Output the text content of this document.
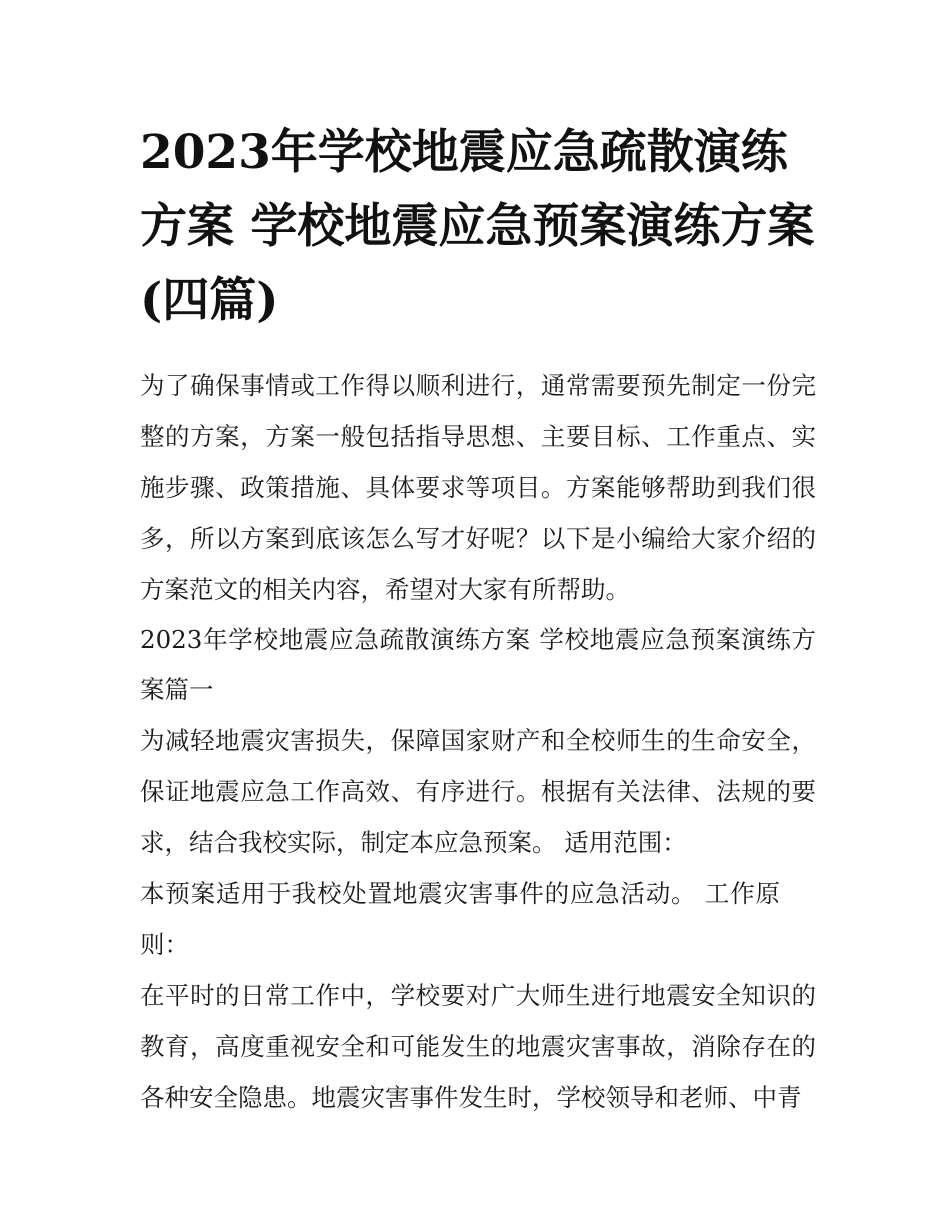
2023年学校地震应急疏散演练方案 学校地震应急预案演练方案(四篇)

为了确保事情或工作得以顺利进行，通常需要预先制定一份完整的方案，方案一般包括指导思想、主要目标、工作重点、实施步骤、政策措施、具体要求等项目。方案能够帮助到我们很多，所以方案到底该怎么写才好呢？以下是小编给大家介绍的方案范文的相关内容，希望对大家有所帮助。

2023年学校地震应急疏散演练方案 学校地震应急预案演练方案篇一

为减轻地震灾害损失，保障国家财产和全校师生的生命安全，保证地震应急工作高效、有序进行。根据有关法律、法规的要求，结合我校实际，制定本应急预案。 适用范围：

本预案适用于我校处置地震灾害事件的应急活动。 工作原则：

在平时的日常工作中，学校要对广大师生进行地震安全知识的教育，高度重视安全和可能发生的地震灾害事故，消除存在的各种安全隐患。地震灾害事件发生时，学校领导和老师、中青
